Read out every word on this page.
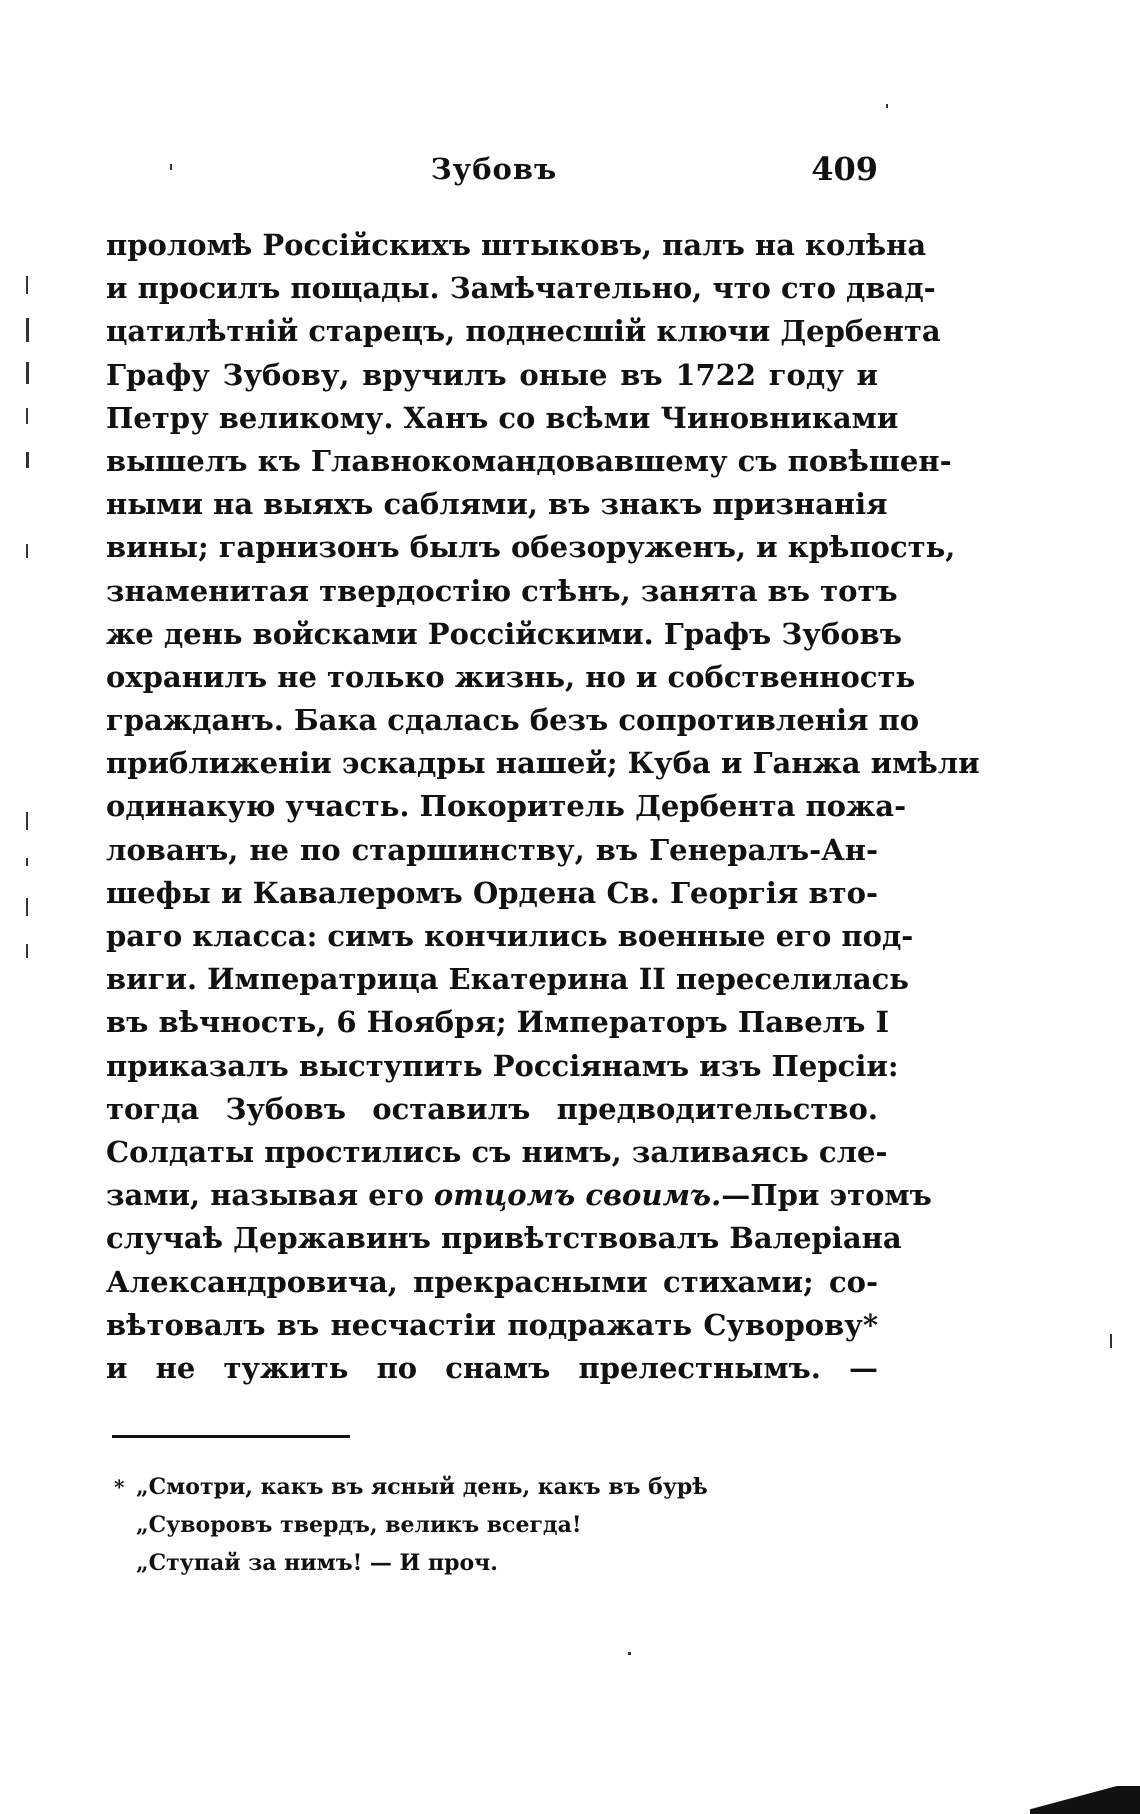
Зубовъ	409
проломѣ Россійскихъ штыковъ, палъ на колѣна
и просилъ пощады. Замѣчательно, что сто двад-
цатилѣтній старецъ, поднесшій ключи Дербента
Графу Зубову, вручилъ оные въ 1722 году и
Петру великому. Ханъ со всѣми Чиновниками
вышелъ къ Главнокомандовавшему съ повѣшен-
ными на выяхъ саблями, въ знакъ признанія
вины; гарнизонъ былъ обезоруженъ, и крѣпость,
знаменитая твердостію стѣнъ, занята въ тотъ
же день войсками Россійскими. Графъ Зубовъ
охранилъ не только жизнь, но и собственность
гражданъ. Бака сдалась безъ сопротивленія по
приближеніи эскадры нашей; Куба и Ганжа имѣли
одинакую участь. Покоритель Дербента пожа-
лованъ, не по старшинству, въ Генералъ-Ан-
шефы и Кавалеромъ Ордена Св. Георгія вто-
раго класса: симъ кончились военные его под-
виги. Императрица Екатерина II переселилась
въ вѣчность, 6 Ноября; Императоръ Павелъ I
приказалъ выступить Россіянамъ изъ Персіи:
тогда Зубовъ оставилъ предводительство.
Солдаты простились съ нимъ, заливаясь сле-
зами, называя его отцомъ своимъ.—При этомъ
случаѣ Державинъ привѣтствовалъ Валеріана
Александровича, прекрасными стихами; со-
вѣтовалъ въ несчастіи подражать Суворову*
и не тужить по снамъ прелестнымъ. —
* „Смотри, какъ въ ясный день, какъ въ бурѣ
„Суворовъ твердъ, великъ всегда!
„Ступай за нимъ! — И проч.
